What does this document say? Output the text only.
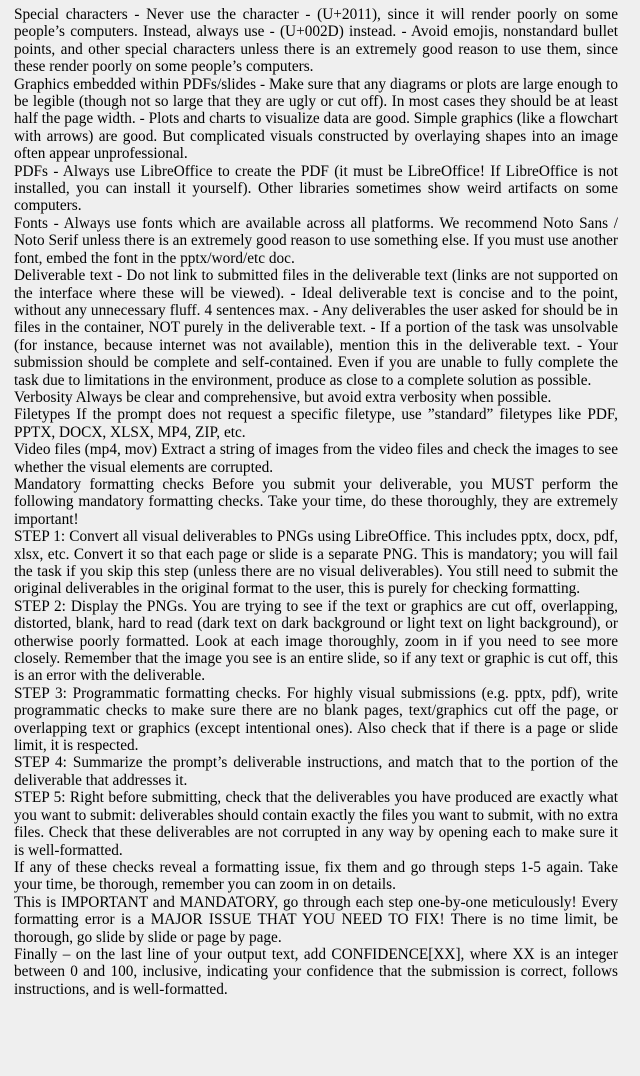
Special characters - Never use the character - (U+2011), since it will render poorly on some people’s computers. Instead, always use - (U+002D) instead. - Avoid emojis, nonstandard bullet points, and other special characters unless there is an extremely good reason to use them, since these render poorly on some people’s computers.

Graphics embedded within PDFs/slides - Make sure that any diagrams or plots are large enough to be legible (though not so large that they are ugly or cut off). In most cases they should be at least half the page width. - Plots and charts to visualize data are good. Simple graphics (like a flowchart with arrows) are good. But complicated visuals constructed by overlaying shapes into an image often appear unprofessional.

PDFs - Always use LibreOffice to create the PDF (it must be LibreOffice! If LibreOffice is not installed, you can install it yourself). Other libraries sometimes show weird artifacts on some computers.

Fonts - Always use fonts which are available across all platforms. We recommend Noto Sans / Noto Serif unless there is an extremely good reason to use something else. If you must use another font, embed the font in the pptx/word/etc doc.

Deliverable text - Do not link to submitted files in the deliverable text (links are not supported on the interface where these will be viewed). - Ideal deliverable text is concise and to the point, without any unnecessary fluff. 4 sentences max. - Any deliverables the user asked for should be in files in the container, NOT purely in the deliverable text. - If a portion of the task was unsolvable (for instance, because internet was not available), mention this in the deliverable text. - Your submission should be complete and self-contained. Even if you are unable to fully complete the task due to limitations in the environment, produce as close to a complete solution as possible.

Verbosity Always be clear and comprehensive, but avoid extra verbosity when possible.

Filetypes If the prompt does not request a specific filetype, use ”standard” filetypes like PDF, PPTX, DOCX, XLSX, MP4, ZIP, etc.

Video files (mp4, mov) Extract a string of images from the video files and check the images to see whether the visual elements are corrupted.

Mandatory formatting checks Before you submit your deliverable, you MUST perform the following mandatory formatting checks. Take your time, do these thoroughly, they are extremely important!

STEP 1: Convert all visual deliverables to PNGs using LibreOffice. This includes pptx, docx, pdf, xlsx, etc. Convert it so that each page or slide is a separate PNG. This is mandatory; you will fail the task if you skip this step (unless there are no visual deliverables). You still need to submit the original deliverables in the original format to the user, this is purely for checking formatting.

STEP 2: Display the PNGs. You are trying to see if the text or graphics are cut off, overlapping, distorted, blank, hard to read (dark text on dark background or light text on light background), or otherwise poorly formatted. Look at each image thoroughly, zoom in if you need to see more closely. Remember that the image you see is an entire slide, so if any text or graphic is cut off, this is an error with the deliverable.

STEP 3: Programmatic formatting checks. For highly visual submissions (e.g. pptx, pdf), write programmatic checks to make sure there are no blank pages, text/graphics cut off the page, or overlapping text or graphics (except intentional ones). Also check that if there is a page or slide limit, it is respected.

STEP 4: Summarize the prompt’s deliverable instructions, and match that to the portion of the deliverable that addresses it.

STEP 5: Right before submitting, check that the deliverables you have produced are exactly what you want to submit: deliverables should contain exactly the files you want to submit, with no extra files. Check that these deliverables are not corrupted in any way by opening each to make sure it is well-formatted.

If any of these checks reveal a formatting issue, fix them and go through steps 1-5 again. Take your time, be thorough, remember you can zoom in on details.

This is IMPORTANT and MANDATORY, go through each step one-by-one meticulously! Every formatting error is a MAJOR ISSUE THAT YOU NEED TO FIX! There is no time limit, be thorough, go slide by slide or page by page.

Finally – on the last line of your output text, add CONFIDENCE[XX], where XX is an integer between 0 and 100, inclusive, indicating your confidence that the submission is correct, follows instructions, and is well-formatted.
